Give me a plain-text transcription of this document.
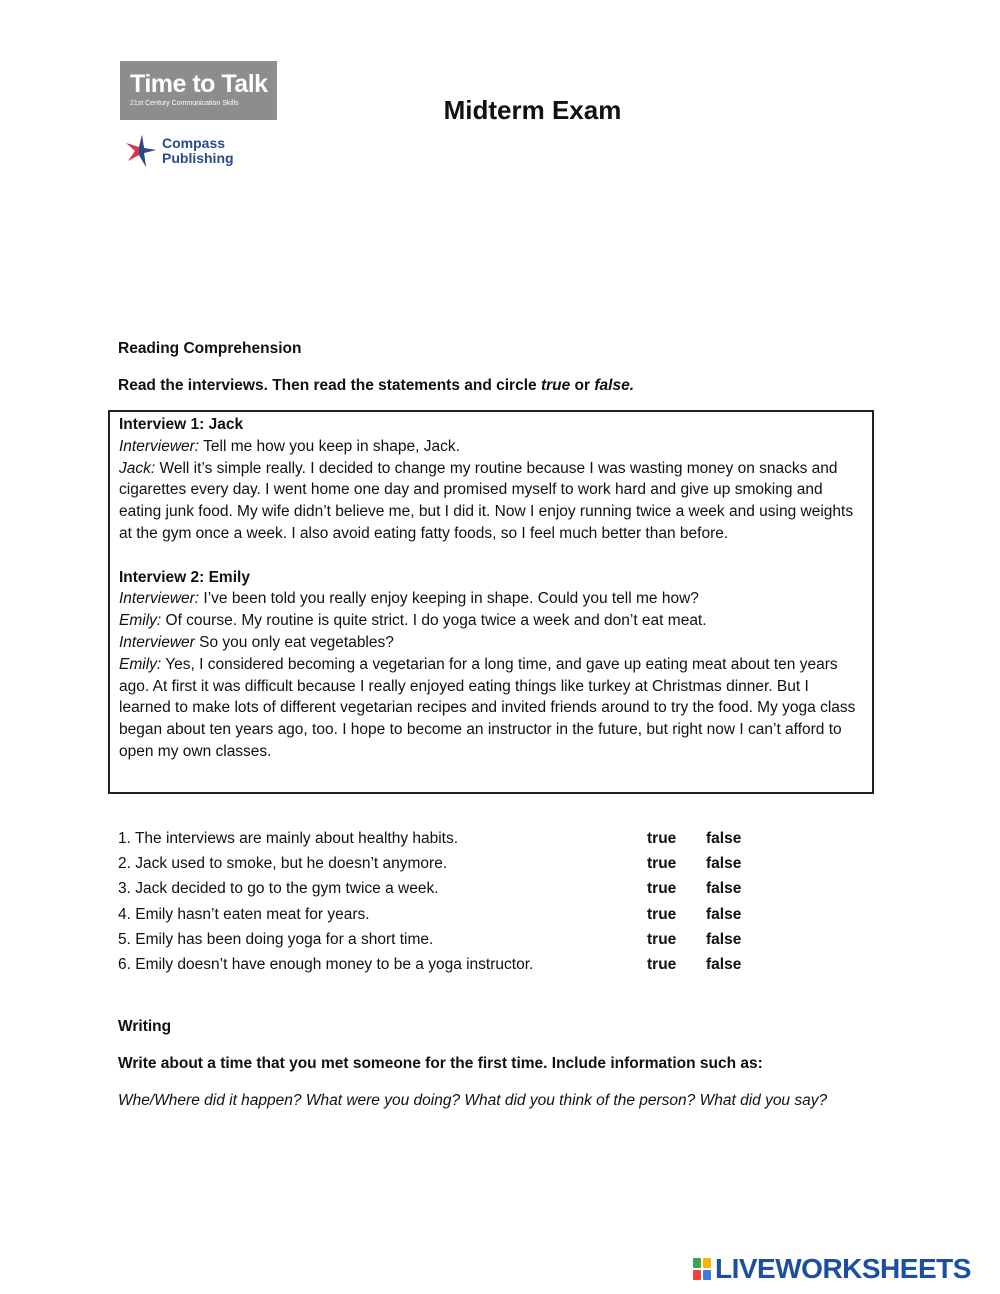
Time to Talk
21st Century Communication Skills
Compass
Publishing
Midterm Exam
Reading Comprehension
Read the interviews. Then read the statements and circle true or false.

Interview 1: Jack

Interviewer: Tell me how you keep in shape, Jack.

Jack: Well it’s simple really. I decided to change my routine because I was wasting money on snacks and cigarettes every day. I went home one day and promised myself to work hard and give up smoking and eating junk food. My wife didn’t believe me, but I did it. Now I enjoy running twice a week and using weights at the gym once a week. I also avoid eating fatty foods, so I feel much better than before.

Interview 2: Emily

Interviewer: I’ve been told you really enjoy keeping in shape. Could you tell me how?

Emily: Of course. My routine is quite strict. I do yoga twice a week and don’t eat meat.

Interviewer So you only eat vegetables?

Emily: Yes, I considered becoming a vegetarian for a long time, and gave up eating meat about ten years ago. At first it was difficult because I really enjoyed eating things like turkey at Christmas dinner. But I learned to make lots of different vegetarian recipes and invited friends around to try the food. My yoga class began about ten years ago, too. I hope to become an instructor in the future, but right now I can’t afford to open my own classes.

1. The interviews are mainly about healthy habits.	true false
2. Jack used to smoke, but he doesn’t anymore.	true false
3. Jack decided to go to the gym twice a week.	true false
4. Emily hasn’t eaten meat for years.	true false
5. Emily has been doing yoga for a short time.	true false
6. Emily doesn’t have enough money to be a yoga instructor.	true false
Writing
Write about a time that you met someone for the first time. Include information such as:
Whe/Where did it happen? What were you doing? What did you think of the person? What did you say?
LIVEWORKSHEETS
